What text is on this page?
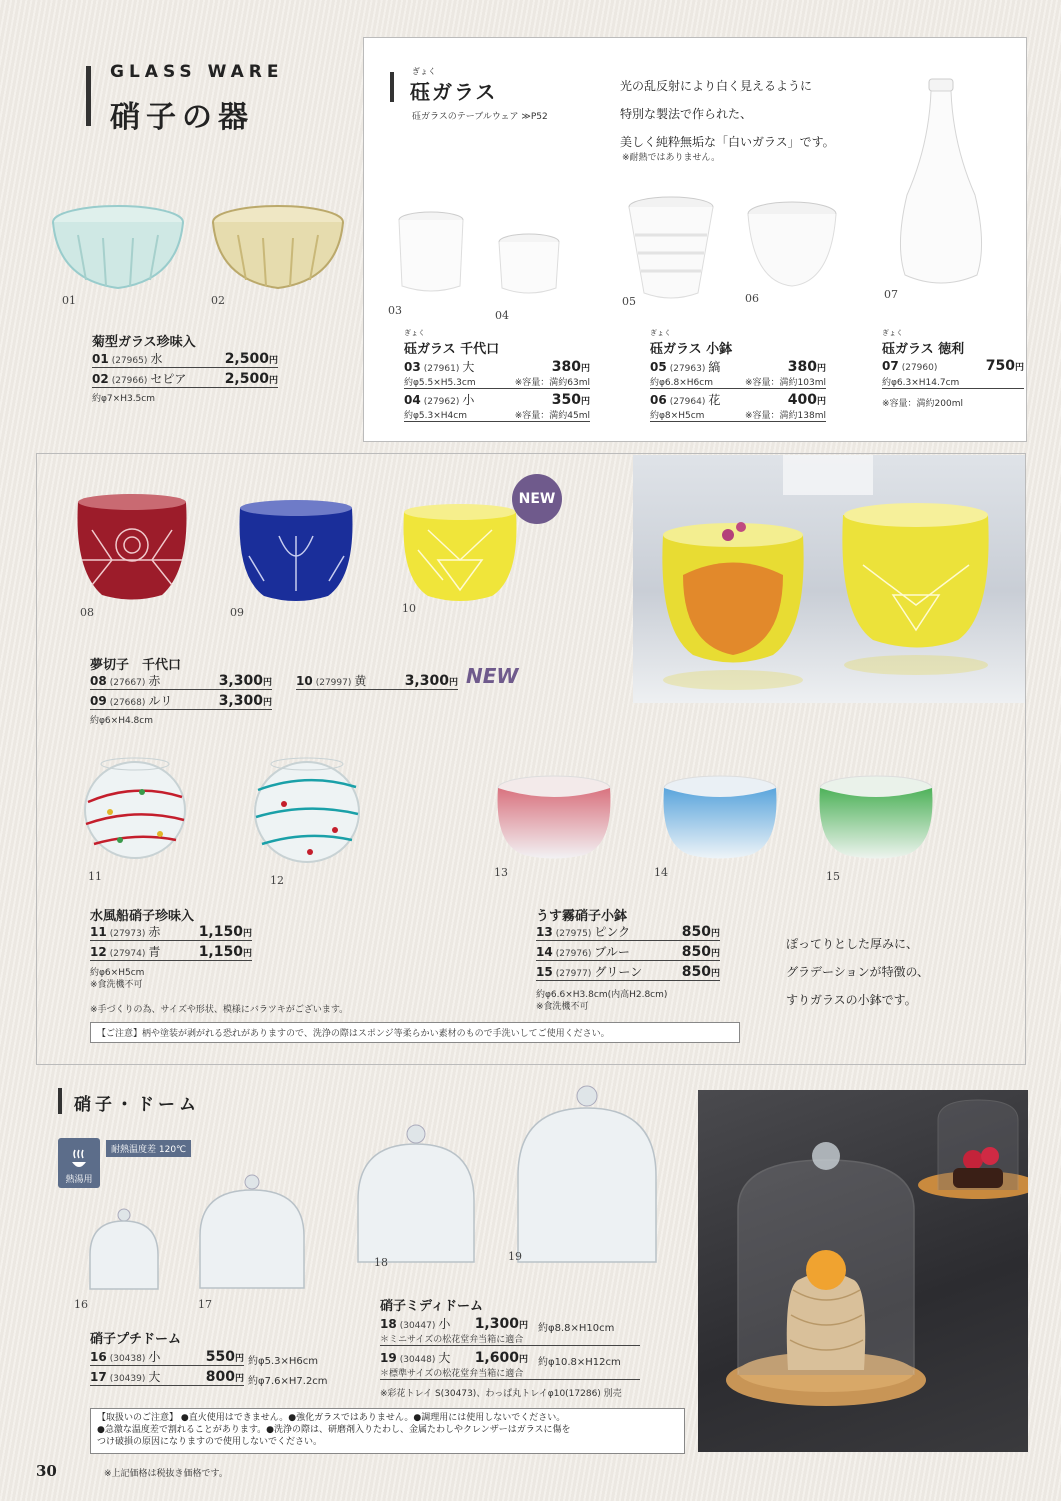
GLASS WARE
硝子の器
01	02
菊型ガラス珍味入
01 (27965) 水	2,500円
02 (27966) セピア	2,500円
約φ7×H3.5cm
ぎょく
砡ガラス
砡ガラスのテーブルウェア ≫P52
光の乱反射により白く見えるように
特別な製法で作られた、
美しく純粋無垢な「白いガラス」です。
※耐熱ではありません。
03	04
05	06	07
ぎょく
砡ガラス 千代口
03 (27961) 大	380円
約φ5.5×H5.3cm	※容量：満約63ml
04 (27962) 小	350円
約φ5.3×H4cm	※容量：満約45ml
ぎょく
砡ガラス 小鉢
05 (27963) 縞	380円
約φ6.8×H6cm	※容量：満約103ml
06 (27964) 花	400円
約φ8×H5cm	※容量：満約138ml
ぎょく
砡ガラス 徳利
07 (27960)	750円
約φ6.3×H14.7cm
※容量：満約200ml
NEW
08	09	10
夢切子　千代口
08 (27667) 赤	3,300円
09 (27668) ルリ	3,300円
10 (27997) 黄	3,300円 NEW
約φ6×H4.8cm
11	12
水風船硝子珍味入
11 (27973) 赤	1,150円
12 (27974) 青	1,150円
約φ6×H5cm
※食洗機不可
13	14	15
うす霧硝子小鉢
13 (27975) ピンク	850円
14 (27976) ブルー	850円
15 (27977) グリーン	850円
約φ6.6×H3.8cm(内高H2.8cm)
※食洗機不可
ぽってりとした厚みに、
グラデーションが特徴の、
すりガラスの小鉢です。
※手づくりの為、サイズや形状、模様にバラツキがございます。
【ご注意】柄や塗装が剥がれる恐れがありますので、洗浄の際はスポンジ等柔らかい素材のもので手洗いしてご使用ください。
硝子・ドーム
熱湯用
耐熱温度差 120℃
16	17
18	19
硝子プチドーム
16 (30438) 小	550円 約φ5.3×H6cm
17 (30439) 大	800円 約φ7.6×H7.2cm
硝子ミディドーム
18 (30447) 小 1,300円 約φ8.8×H10cm
＊ミニサイズの松花堂弁当箱に適合
19 (30448) 大 1,600円 約φ10.8×H12cm
＊標準サイズの松花堂弁当箱に適合
※彩花トレイ S(30473)、わっぱ丸トレイφ10(17286) 別売
【取扱いのご注意】 ●直火使用はできません。●強化ガラスではありません。●調理用には使用しないでください。
●急激な温度差で割れることがあります。●洗浄の際は、研磨剤入りたわし、金属たわしやクレンザーはガラスに傷を
つけ破損の原因になりますので使用しないでください。
30	※上記価格は税抜き価格です。
